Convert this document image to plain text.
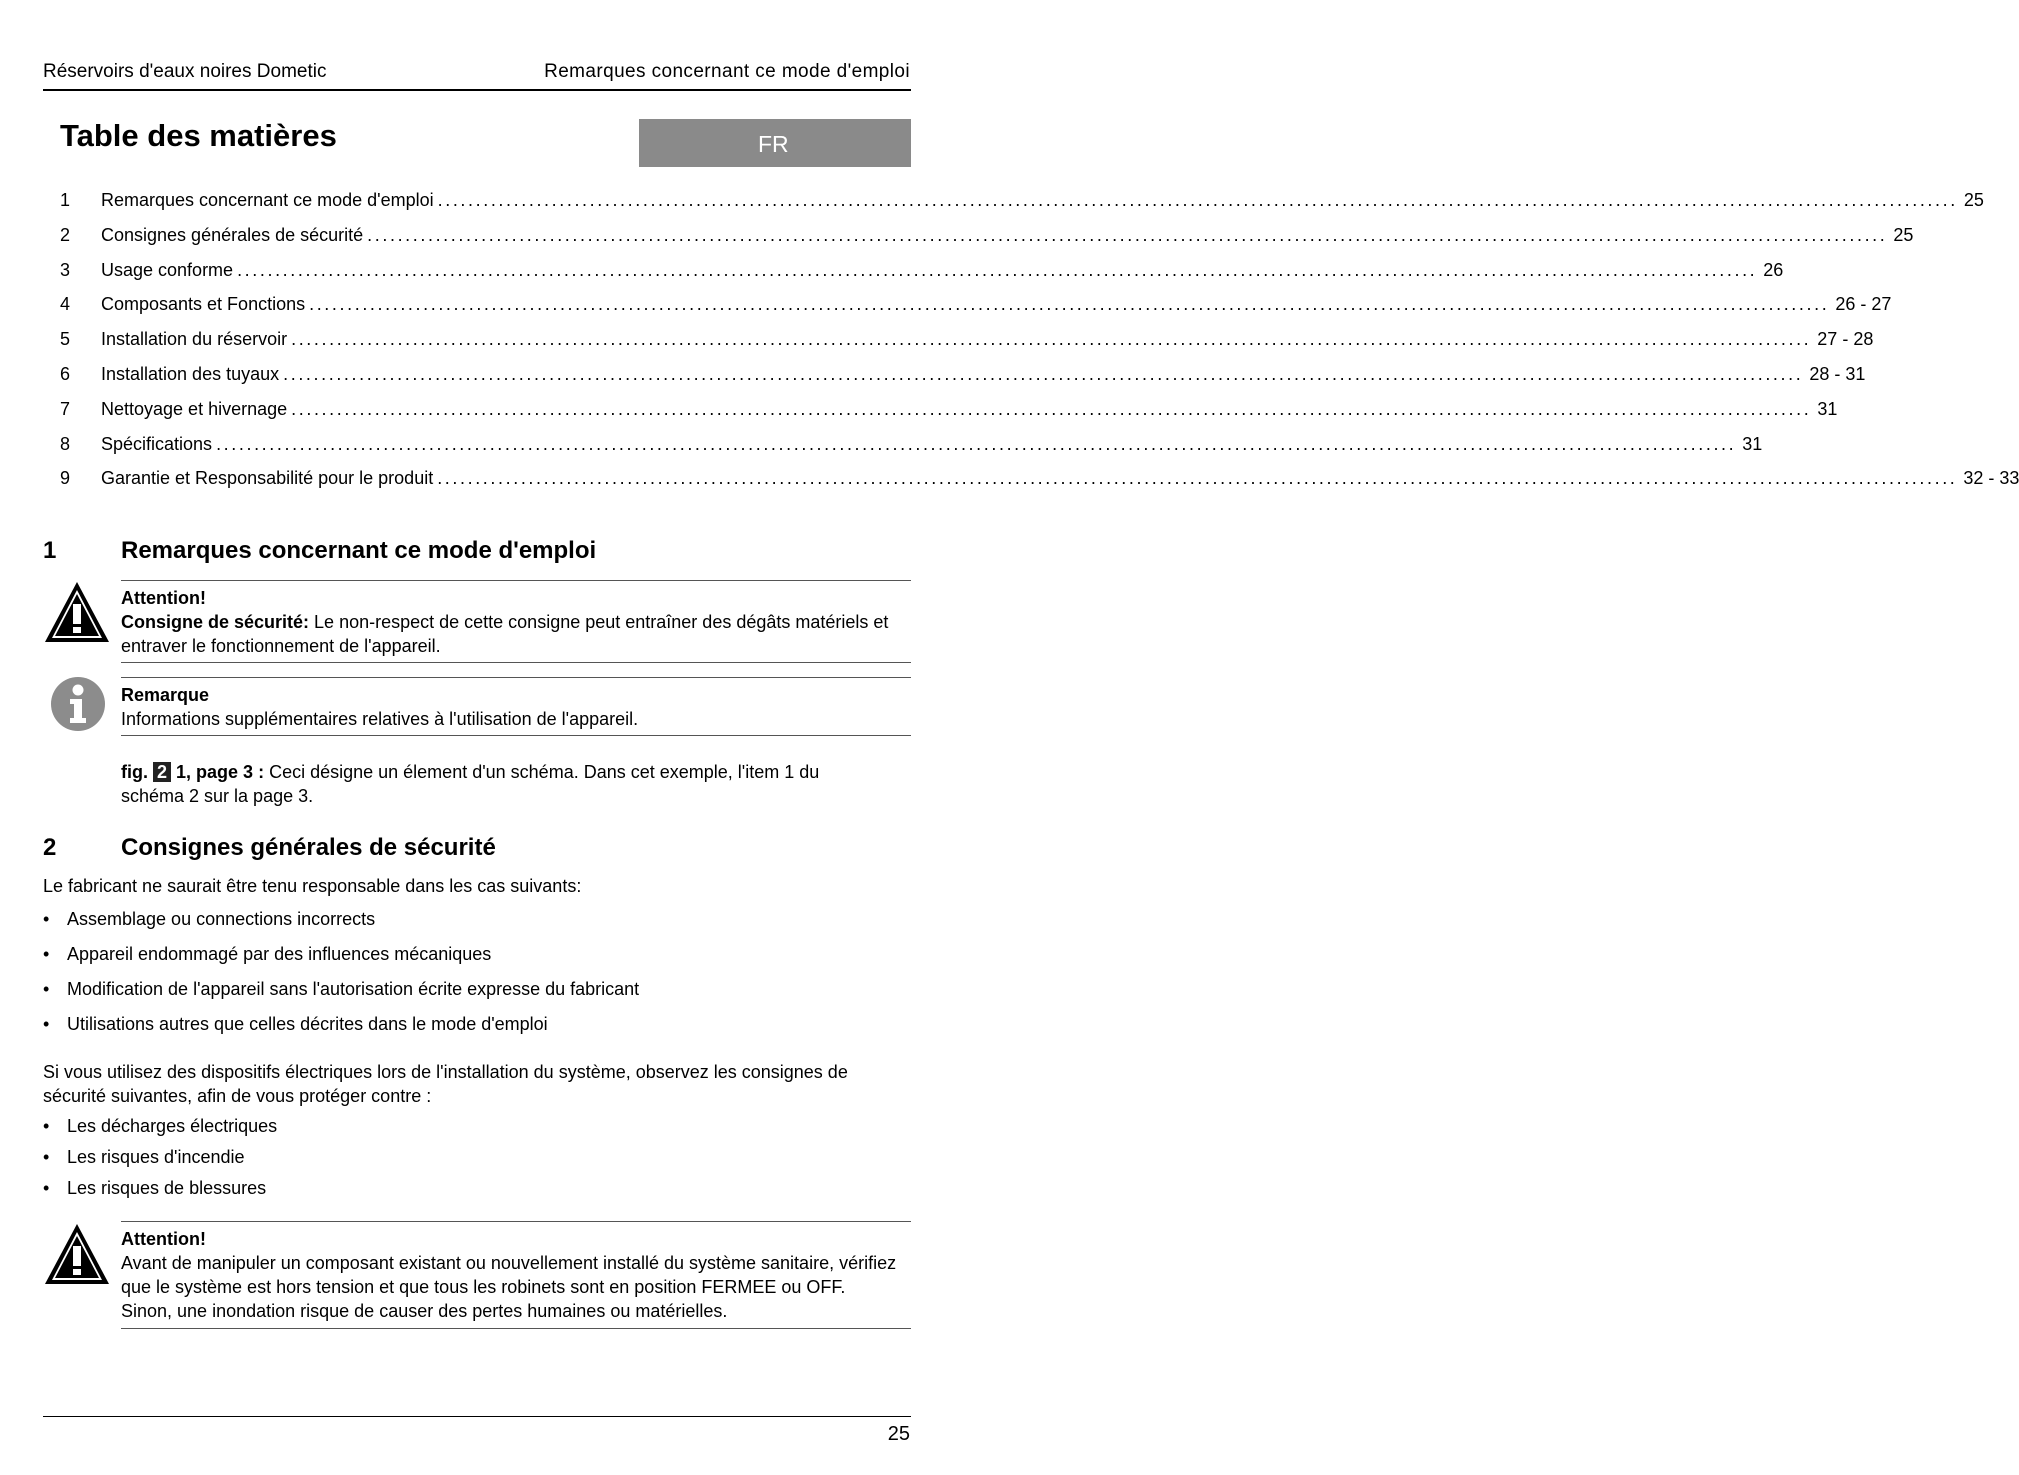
Réservoirs d'eaux noires Dometic	Remarques concernant ce mode d'emploi
Table des matières	FR
1	Remarques concernant ce mode d'emploi ........................................................................................................................................................................................................ 25
2	Consignes générales de sécurité ........................................................................................................................................................................................................ 25
3	Usage conforme ........................................................................................................................................................................................................ 26
4	Composants et Fonctions ........................................................................................................................................................................................................ 26 - 27
5	Installation du réservoir ........................................................................................................................................................................................................ 27 - 28
6	Installation des tuyaux ........................................................................................................................................................................................................ 28 - 31
7	Nettoyage et hivernage ........................................................................................................................................................................................................ 31
8	Spécifications ........................................................................................................................................................................................................ 31
9	Garantie et Responsabilité pour le produit ........................................................................................................................................................................................................ 32 - 33
1	Remarques concernant ce mode d'emploi
Attention!
Consigne de sécurité: Le non-respect de cette consigne peut entraîner des dégâts matériels et entraver le fonctionnement de l'appareil.
Remarque
Informations supplémentaires relatives à l'utilisation de l'appareil.
fig. 2 1, page 3 : Ceci désigne un élement d'un schéma. Dans cet exemple, l'item 1 du schéma 2 sur la page 3.
2	Consignes générales de sécurité
Le fabricant ne saurait être tenu responsable dans les cas suivants:
• Assemblage ou connections incorrects
• Appareil endommagé par des influences mécaniques
• Modification de l'appareil sans l'autorisation écrite expresse du fabricant
• Utilisations autres que celles décrites dans le mode d'emploi
Si vous utilisez des dispositifs électriques lors de l'installation du système, observez les consignes de sécurité suivantes, afin de vous protéger contre :
• Les décharges électriques
• Les risques d'incendie
• Les risques de blessures
Attention!
Avant de manipuler un composant existant ou nouvellement installé du système sanitaire, vérifiez que le système est hors tension et que tous les robinets sont en position FERMEE ou OFF. Sinon, une inondation risque de causer des pertes humaines ou matérielles.
25
